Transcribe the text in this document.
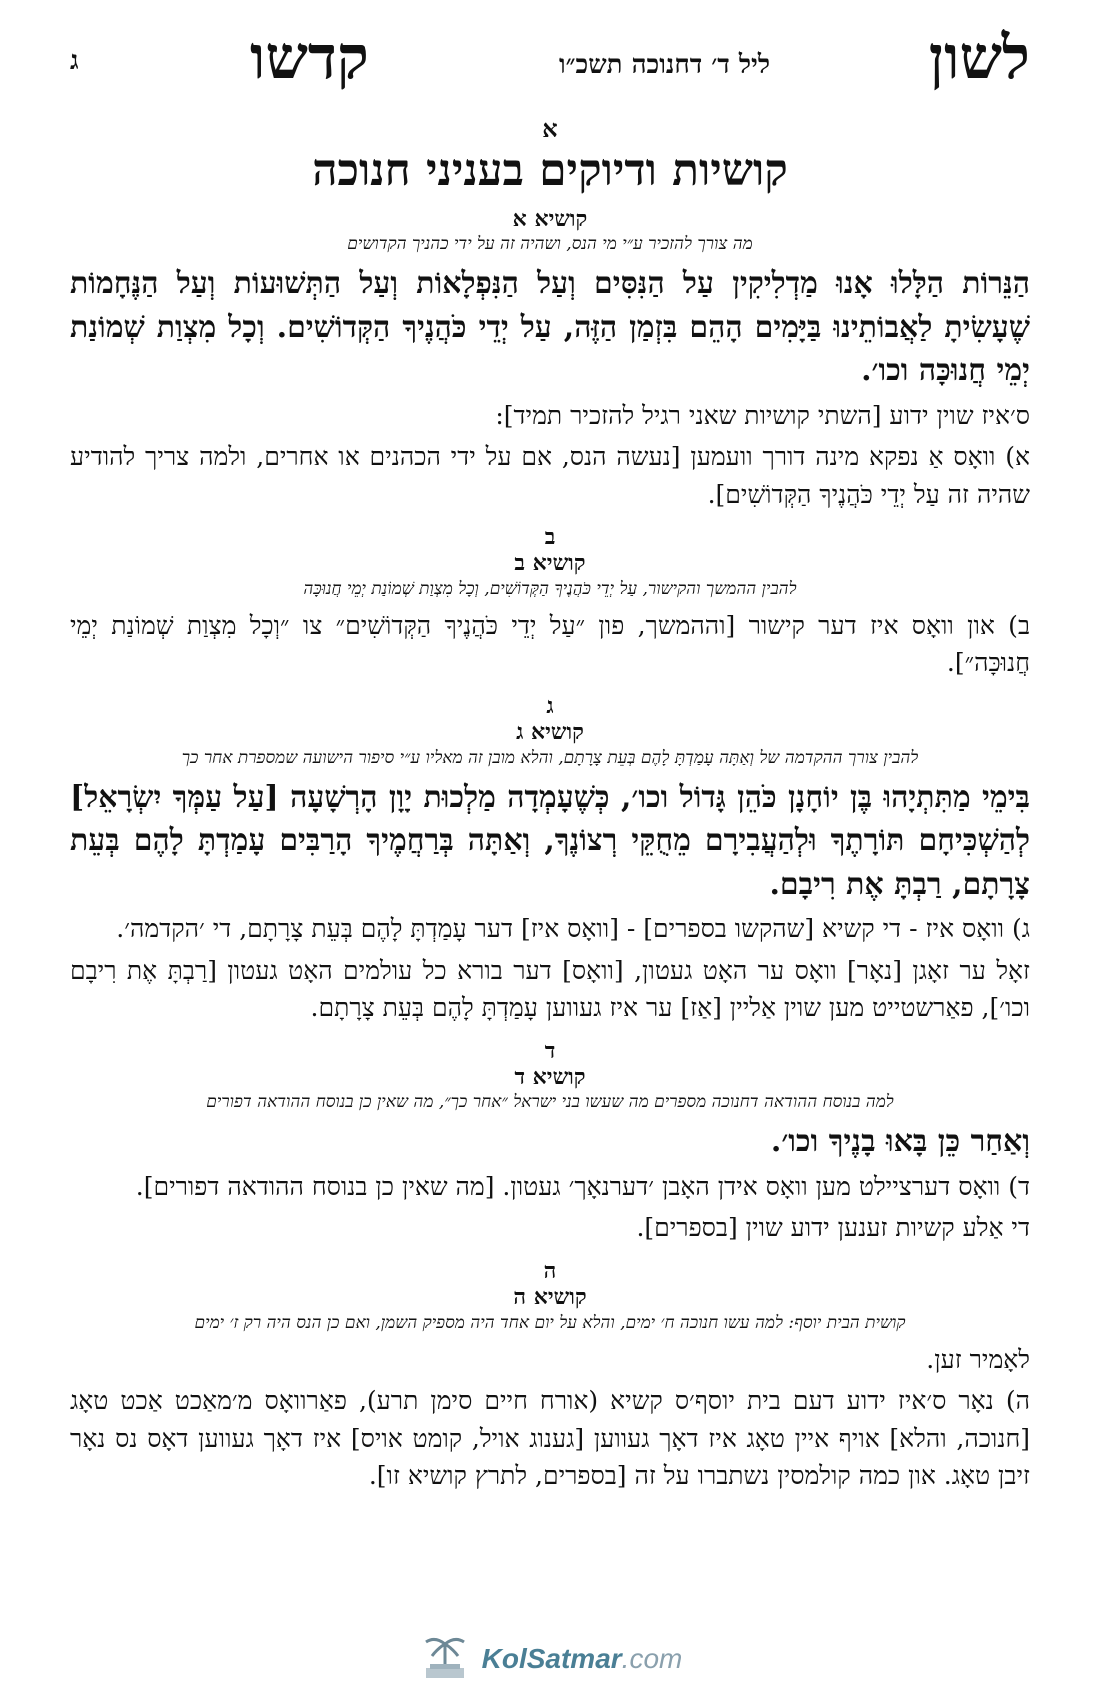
לשון
ליל ד׳ דחנוכה תשכ״ו
קדשו
ג
א
קושיות ודיוקים בעניני חנוכה
קושיא א
מה צורך להזכיר ע״י מי הנס, ושהיה זה על ידי כהניך הקדושים
הַנֵּרוֹת הַלָּלוּ אָנוּ מַדְלִיקִין עַל הַנִּסִּים וְעַל הַנִּפְלָאוֹת וְעַל הַתְּשׁוּעוֹת וְעַל הַנֶּחָמוֹת שֶׁעָשִׂיתָ לַאֲבוֹתֵינוּ בַּיָּמִים הָהֵם בִּזְמַן הַזֶּה, עַל יְדֵי כֹּהֲנֶיךָ הַקְּדוֹשִׁים. וְכָל מִצְוַת שְׁמוֹנַת יְמֵי חֲנוּכָּה וכו׳.
ס׳איז שוין ידוע [השתי קושיות שאני רגיל להזכיר תמיד]:
א) וואָס אַ נפקא מינה דורך וועמען [נעשה הנס, אם על ידי הכהנים או אחרים, ולמה צריך להודיע שהיה זה עַל יְדֵי כֹּהֲנֶיךָ הַקְּדוֹשִׁים].
ב
קושיא ב
להבין ההמשך והקישור, עַל יְדֵי כֹּהֲנֶיךָ הַקְּדוֹשִׁים, וְכָל מִצְוַת שְׁמוֹנַת יְמֵי חֲנוּכָּה
ב) און וואָס איז דער קישור [וההמשך, פון ״עַל יְדֵי כֹּהֲנֶיךָ הַקְּדוֹשִׁים״ צו ״וְכָל מִצְוַת שְׁמוֹנַת יְמֵי חֲנוּכָּה״].
ג
קושיא ג
להבין צורך ההקדמה של וְאַתָּה עָמַדְתָּ לָהֶם בְּעֵת צָרָתָם, והלא מובן זה מאליו ע״י סיפור הישועה שמספרת אחר כך
בִּימֵי מַתִּתְיָהוּ בֶּן יוֹחָנָן כֹּהֵן גָּדוֹל וכו׳, כְּשֶׁעָמְדָה מַלְכוּת יָוָן הָרְשָׁעָה [עַל עַמְּךָ יִשְׂרָאֵל] לְהַשְׁכִּיחָם תּוֹרָתֶךָ וּלְהַעֲבִירָם מֵחֻקֵּי רְצוֹנֶךָ, וְאַתָּה בְּרַחֲמֶיךָ הָרַבִּים עָמַדְתָּ לָהֶם בְּעֵת צָרָתָם, רַבְתָּ אֶת רִיבָם.
ג) וואָס איז - די קשיא [שהקשו בספרים] - [וואָס איז] דער עָמַדְתָּ לָהֶם בְּעֵת צָרָתָם, די ׳הקדמה׳.
זאָל ער זאָגן [נאָר] וואָס ער האָט געטון, [וואָס] דער בורא כל עולמים האָט געטון [רַבְתָּ אֶת רִיבָם וכו׳], פאַרשטייט מען שוין אַליין [אַז] ער איז געווען עָמַדְתָּ לָהֶם בְּעֵת צָרָתָם.
ד
קושיא ד
למה בנוסח ההודאה דחנוכה מספרים מה שעשו בני ישראל ״אחר כך״, מה שאין כן בנוסח ההודאה דפורים
וְאַחַר כֵּן בָּאוּ בָנֶיךָ וכו׳.
ד) וואָס דערציילט מען וואָס אידן האָבן ׳דערנאָך׳ געטון. [מה שאין כן בנוסח ההודאה דפורים].
די אַלע קשיות זענען ידוע שוין [בספרים].
ה
קושיא ה
קושית הבית יוסף: למה עשו חנוכה ח׳ ימים, והלא על יום אחד היה מספיק השמן, ואם כן הנס היה רק ז׳ ימים
לאָמיר זען.
ה) נאָר ס׳איז ידוע דעם בית יוסף׳ס קשיא (אורח חיים סימן תרע), פאַרוואָס מ׳מאַכט אַכט טאָג [חנוכה, והלא] אויף איין טאָג איז דאָך געווען [גענוג אויל, קומט אויס] איז דאָך געווען דאָס נס נאָר זיבן טאָג. און כמה קולמסין נשתברו על זה [בספרים, לתרץ קושיא זו].
KolSatmar.com
